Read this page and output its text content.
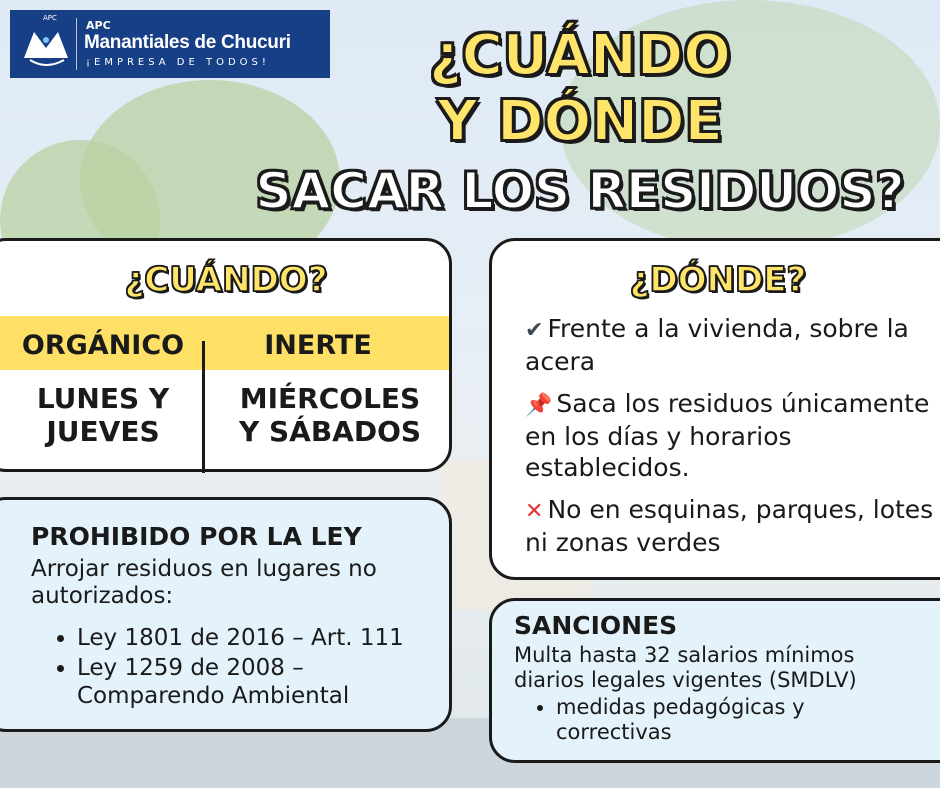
APC
APC
Manantiales de Chucuri
¡EMPRESA DE TODOS!	¿CUÁNDO
Y DÓNDE
SACAR LOS RESIDUOS?
¿CUÁNDO?
ORGÁNICO	INERTE
LUNES Y JUEVES
MIÉRCOLES Y SÁBADOS
¿DÓNDE?
✔ Frente a la vivienda, sobre la acera
📌 Saca los residuos únicamente en los días y horarios establecidos.
✕ No en esquinas, parques, lotes ni zonas verdes
PROHIBIDO POR LA LEY
Arrojar residuos en lugares no autorizados:
• Ley 1801 de 2016 – Art. 111
• Ley 1259 de 2008 – Comparendo Ambiental
SANCIONES
Multa hasta 32 salarios mínimos diarios legales vigentes (SMDLV)
• medidas pedagógicas y correctivas
